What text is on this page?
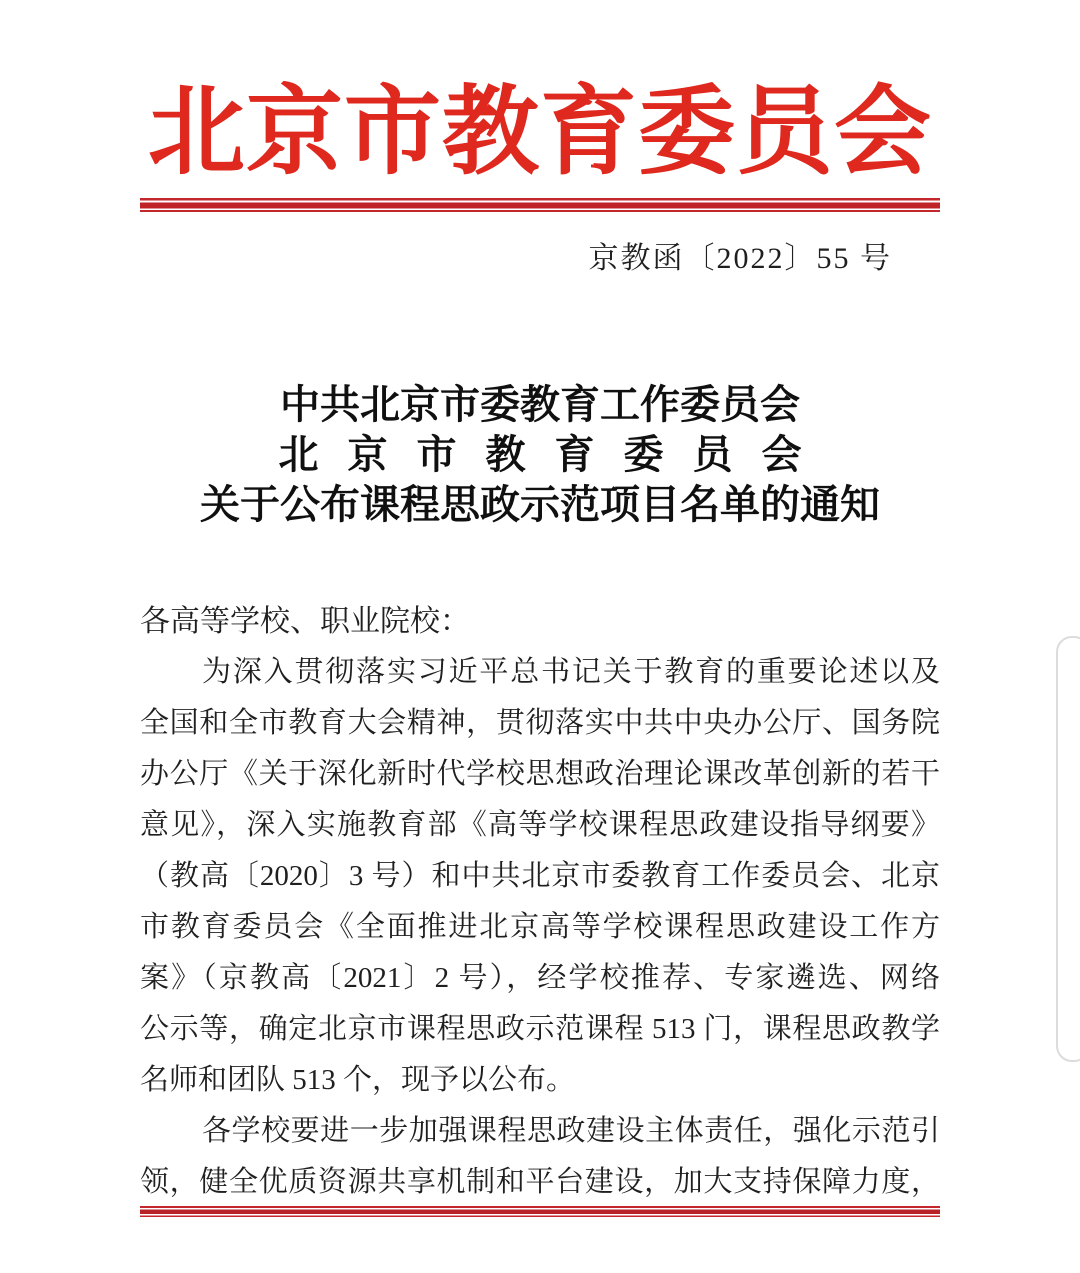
北京市教育委员会
京教函〔2022〕55 号
中共北京市委教育工作委员会
北京市教育委员会
关于公布课程思政示范项目名单的通知
各高等学校、职业院校：
为深入贯彻落实习近平总书记关于教育的重要论述以及
全国和全市教育大会精神，贯彻落实中共中央办公厅、国务院
办公厅《关于深化新时代学校思想政治理论课改革创新的若干
意见》，深入实施教育部《高等学校课程思政建设指导纲要》
（教高〔2020〕3 号）和中共北京市委教育工作委员会、北京
市教育委员会《全面推进北京高等学校课程思政建设工作方
案》（京教高〔2021〕2 号），经学校推荐、专家遴选、网络
公示等，确定北京市课程思政示范课程 513 门，课程思政教学
名师和团队 513 个，现予以公布。
各学校要进一步加强课程思政建设主体责任，强化示范引
领，健全优质资源共享机制和平台建设，加大支持保障力度，
